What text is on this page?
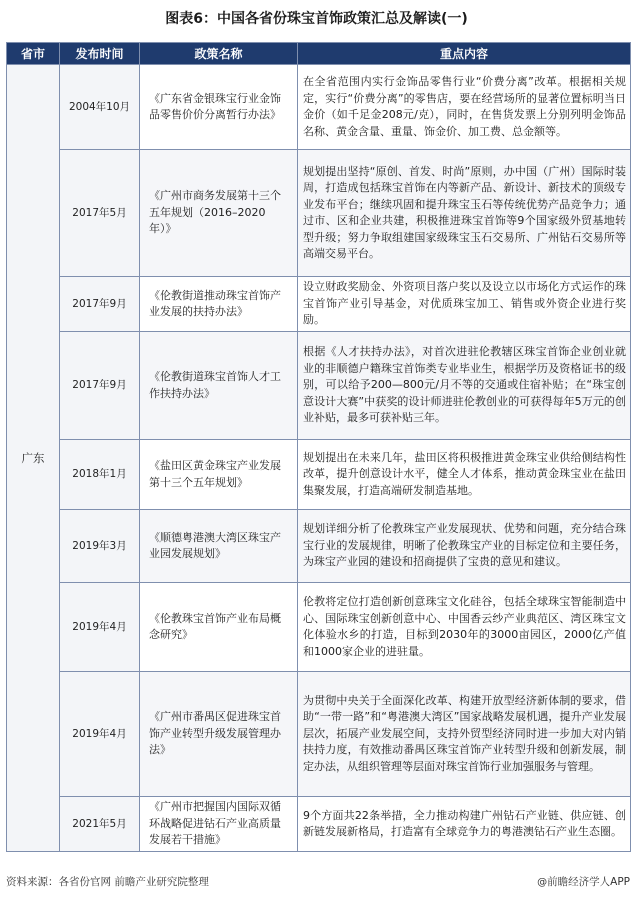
图表6：中国各省份珠宝首饰政策汇总及解读(一)
省市	发布时间	政策名称	重点内容
广东	2004年10月	《广东省金银珠宝行业金饰品零售价价分离暂行办法》	在全省范围内实行金饰品零售行业“价费分离”改革。根据相关规定，实行“价费分离”的零售店，要在经营场所的显著位置标明当日金价（如千足金208元/克），同时，在售货发票上分别列明金饰品名称、黄金含量、重量、饰金价、加工费、总金额等。
	2017年5月	《广州市商务发展第十三个五年规划（2016–2020年）》	规划提出坚持“原创、首发、时尚”原则，办中国（广州）国际时装周，打造成包括珠宝首饰在内等新产品、新设计、新技术的顶级专业发布平台；继续巩固和提升珠宝玉石等传统优势产品竞争力；通过市、区和企业共建，积极推进珠宝首饰等9个国家级外贸基地转型升级；努力争取组建国家级珠宝玉石交易所、广州钻石交易所等高端交易平台。
	2017年9月	《伦教街道推动珠宝首饰产业发展的扶持办法》	设立财政奖励金、外资项目落户奖以及设立以市场化方式运作的珠宝首饰产业引导基金，对优质珠宝加工、销售或外资企业进行奖励。
	2017年9月	《伦教街道珠宝首饰人才工作扶持办法》	根据《人才扶持办法》，对首次进驻伦教辖区珠宝首饰企业创业就业的非顺德户籍珠宝首饰类专业毕业生，根据学历及资格证书的级别，可以给予200—800元/月不等的交通或住宿补贴；在“珠宝创意设计大赛”中获奖的设计师进驻伦教创业的可获得每年5万元的创业补贴，最多可获补贴三年。
	2018年1月	《盐田区黄金珠宝产业发展第十三个五年规划》	规划提出在未来几年，盐田区将积极推进黄金珠宝业供给侧结构性改革，提升创意设计水平，健全人才体系，推动黄金珠宝业在盐田集聚发展，打造高端研发制造基地。
	2019年3月	《顺德粤港澳大湾区珠宝产业园发展规划》	规划详细分析了伦教珠宝产业发展现状、优势和问题，充分结合珠宝行业的发展规律，明晰了伦教珠宝产业的目标定位和主要任务，为珠宝产业园的建设和招商提供了宝贵的意见和建议。
	2019年4月	《伦教珠宝首饰产业布局概念研究》	伦教将定位打造创新创意珠宝文化硅谷，包括全球珠宝智能制造中心、国际珠宝创新创意中心、中国香云纱产业典范区、湾区珠宝文化体验水乡的打造，目标到2030年的3000亩园区，2000亿产值和1000家企业的进驻量。
	2019年4月	《广州市番禺区促进珠宝首饰产业转型升级发展管理办法》	为贯彻中央关于全面深化改革、构建开放型经济新体制的要求，借助“一带一路”和“粤港澳大湾区”国家战略发展机遇，提升产业发展层次，拓展产业发展空间，支持外贸型经济同时进一步加大对内销扶持力度，有效推动番禺区珠宝首饰产业转型升级和创新发展，制定办法，从组织管理等层面对珠宝首饰行业加强服务与管理。
	2021年5月	《广州市把握国内国际双循环战略促进钻石产业高质量发展若干措施》	9个方面共22条举措，全力推动构建广州钻石产业链、供应链、创新链发展新格局，打造富有全球竞争力的粤港澳钻石产业生态圈。
资料来源：各省份官网 前瞻产业研究院整理	@前瞻经济学人APP
